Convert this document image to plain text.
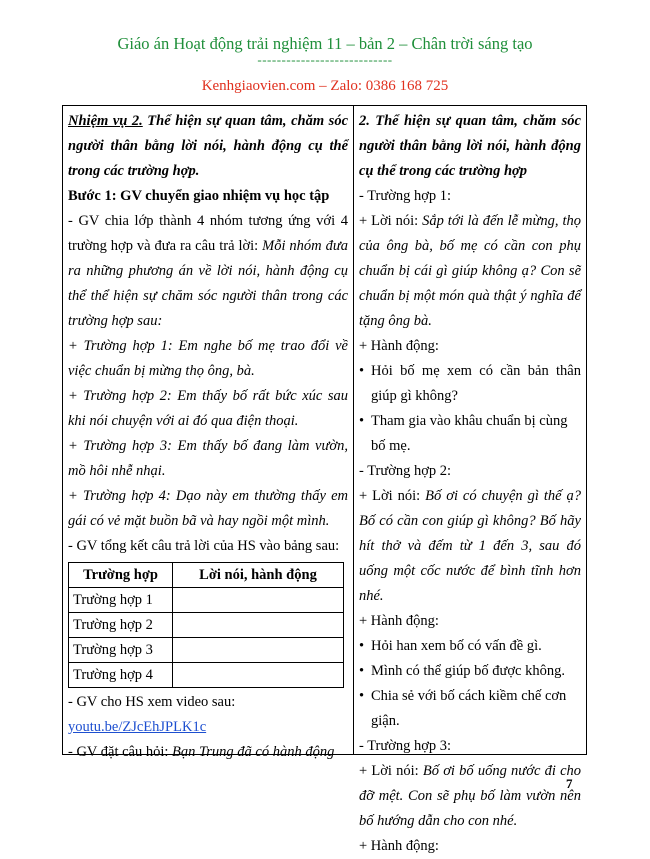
Giáo án Hoạt động trải nghiệm 11 – bản 2 – Chân trời sáng tạo
----------------------------
Kenhgiaovien.com – Zalo: 0386 168 725

Nhiệm vụ 2. Thể hiện sự quan tâm, chăm sóc người thân bằng lời nói, hành động cụ thể trong các trường hợp.

Bước 1: GV chuyển giao nhiệm vụ học tập

- GV chia lớp thành 4 nhóm tương ứng với 4 trường hợp và đưa ra câu trả lời: Mỗi nhóm đưa ra những phương án về lời nói, hành động cụ thể thể hiện sự chăm sóc người thân trong các trường hợp sau:

+ Trường hợp 1: Em nghe bố mẹ trao đổi về việc chuẩn bị mừng thọ ông, bà.

+ Trường hợp 2: Em thấy bố rất bức xúc sau khi nói chuyện với ai đó qua điện thoại.

+ Trường hợp 3: Em thấy bố đang làm vườn, mồ hôi nhễ nhại.

+ Trường hợp 4: Dạo này em thường thấy em gái có vẻ mặt buồn bã và hay ngồi một mình.

- GV tổng kết câu trả lời của HS vào bảng sau:

Trường hợp	Lời nói, hành động
Trường hợp 1	
Trường hợp 2	
Trường hợp 3	
Trường hợp 4	

- GV cho HS xem video sau:

youtu.be/ZJcEhJPLK1c

- GV đặt câu hỏi: Bạn Trung đã có hành động

2. Thể hiện sự quan tâm, chăm sóc người thân bằng lời nói, hành động cụ thể trong các trường hợp

- Trường hợp 1:

+ Lời nói: Sắp tới là đến lễ mừng, thọ của ông bà, bố mẹ có cần con phụ chuẩn bị cái gì giúp không ạ? Con sẽ chuẩn bị một món quà thật ý nghĩa để tặng ông bà.

+ Hành động:

• Hỏi bố mẹ xem có cần bản thân giúp gì không?
• Tham gia vào khâu chuẩn bị cùng bố mẹ.

- Trường hợp 2:

+ Lời nói: Bố ơi có chuyện gì thế ạ? Bố có cần con giúp gì không? Bố hãy hít thở và đếm từ 1 đến 3, sau đó uống một cốc nước để bình tĩnh hơn nhé.

+ Hành động:

• Hỏi han xem bố có vấn đề gì.
• Mình có thể giúp bố được không.
• Chia sẻ với bố cách kiềm chế cơn giận.

- Trường hợp 3:

+ Lời nói: Bố ơi bố uống nước đi cho đỡ mệt. Con sẽ phụ bố làm vườn nên bố hướng dẫn cho con nhé.

+ Hành động:

7
